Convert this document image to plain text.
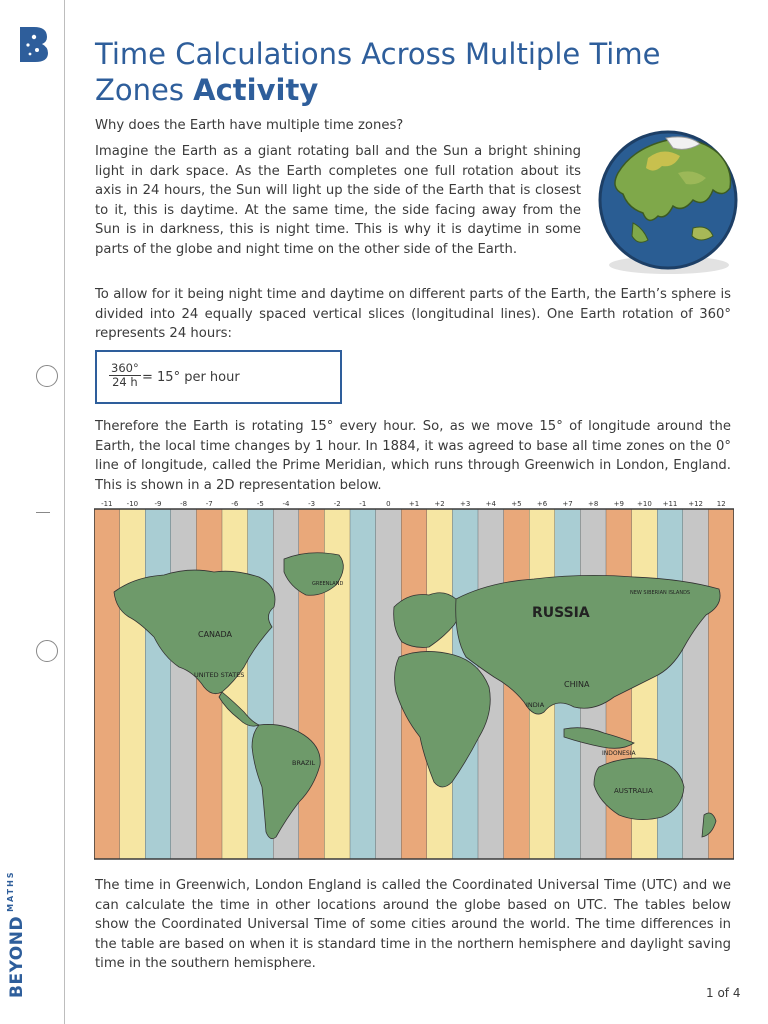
$BEYOND^{MATHS}$
Time Calculations Across Multiple Time Zones Activity

Why does the Earth have multiple time zones?

Imagine the Earth as a giant rotating ball and the Sun a bright shining light in dark space. As the Earth completes one full rotation about its axis in 24 hours, the Sun will light up the side of the Earth that is closest to it, this is daytime. At the same time, the side facing away from the Sun is in darkness, this is night time. This is why it is daytime in some parts of the globe and night time on the other side of the Earth.

To allow for it being night time and daytime on different parts of the Earth, the Earth’s sphere is divided into 24 equally spaced vertical slices (longitudinal lines). One Earth rotation of 360° represents 24 hours:

$\frac{360^\circ}{24 h} = 15^\circ$ per hour

Therefore the Earth is rotating 15° every hour. So, as we move 15° of longitude around the Earth, the local time changes by 1 hour. In 1884, it was agreed to base all time zones on the 0° line of longitude, called the Prime Meridian, which runs through Greenwich in London, England. This is shown in a 2D representation below.

-11 -10 -9	-8	-7	-6	-5	-4	-3	-2	-1	0	+1 +2 +3 +4 +5 +6 +7 +8 +9 +10 +11 +12 12
RUSSIA
CANADA
UNITED STATES
GREENLAND
CHINA
INDIA
BRAZIL
AUSTRALIA
INDONESIA
NEW SIBERIAN ISLANDS

The time in Greenwich, London England is called the Coordinated Universal Time (UTC) and we can calculate the time in other locations around the globe based on UTC. The tables below show the Coordinated Universal Time of some cities around the world. The time differences in the table are based on when it is standard time in the northern hemisphere and daylight saving time in the southern hemisphere.

1 of 4
